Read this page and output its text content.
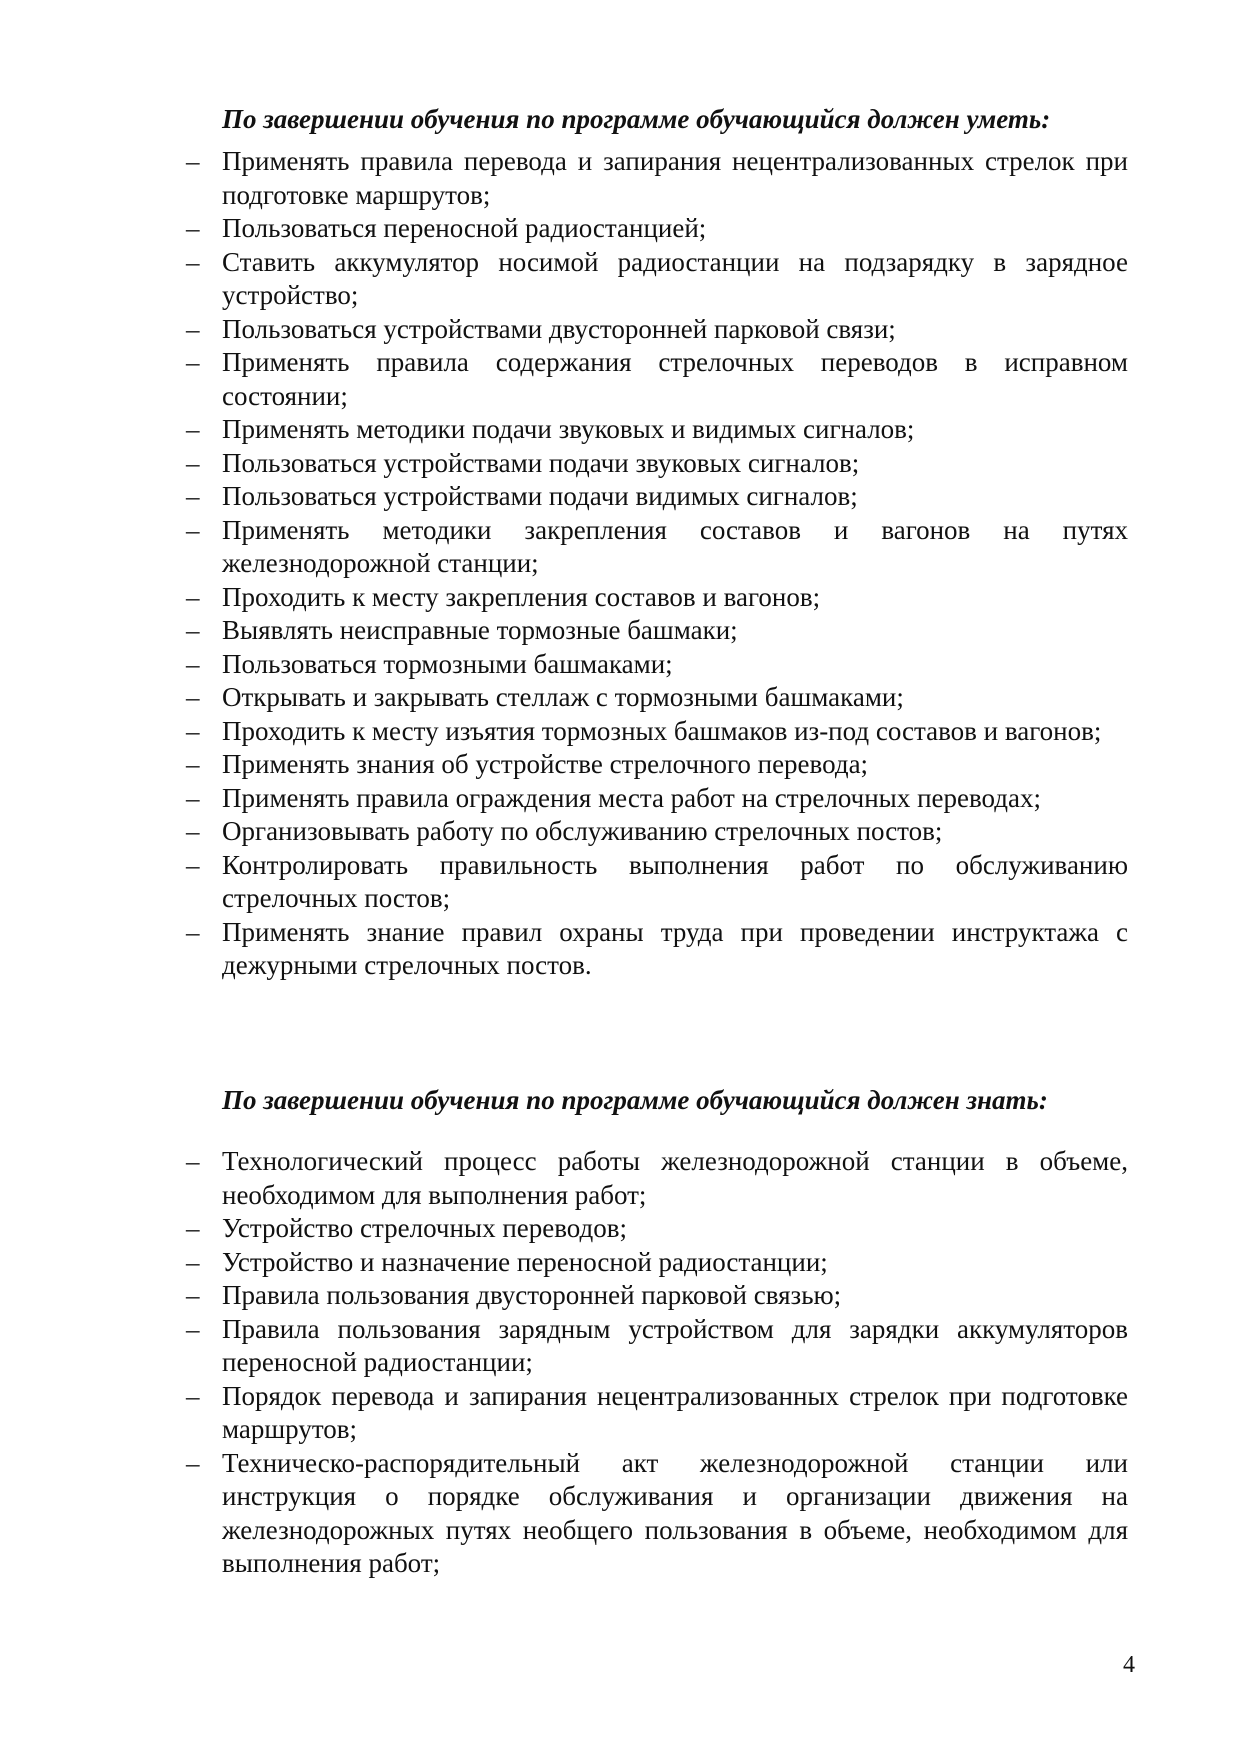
По завершении обучения по программе обучающийся должен уметь:
– Применять правила перевода и запирания нецентрализованных стрелок при подготовке маршрутов;
– Пользоваться переносной радиостанцией;
– Ставить аккумулятор носимой радиостанции на подзарядку в зарядное устройство;
– Пользоваться устройствами двусторонней парковой связи;
– Применять правила содержания стрелочных переводов в исправном состоянии;
– Применять методики подачи звуковых и видимых сигналов;
– Пользоваться устройствами подачи звуковых сигналов;
– Пользоваться устройствами подачи видимых сигналов;
– Применять методики закрепления составов и вагонов на путях железнодорожной станции;
– Проходить к месту закрепления составов и вагонов;
– Выявлять неисправные тормозные башмаки;
– Пользоваться тормозными башмаками;
– Открывать и закрывать стеллаж с тормозными башмаками;
– Проходить к месту изъятия тормозных башмаков из-под составов и вагонов;
– Применять знания об устройстве стрелочного перевода;
– Применять правила ограждения места работ на стрелочных переводах;
– Организовывать работу по обслуживанию стрелочных постов;
– Контролировать правильность выполнения работ по обслуживанию стрелочных постов;
– Применять знание правил охраны труда при проведении инструктажа с дежурными стрелочных постов.
По завершении обучения по программе обучающийся должен знать:
– Технологический процесс работы железнодорожной станции в объеме, необходимом для выполнения работ;
– Устройство стрелочных переводов;
– Устройство и назначение переносной радиостанции;
– Правила пользования двусторонней парковой связью;
– Правила пользования зарядным устройством для зарядки аккумуляторов переносной радиостанции;
– Порядок перевода и запирания нецентрализованных стрелок при подготовке маршрутов;
– Техническо-распорядительный акт железнодорожной станции или инструкция о порядке обслуживания и организации движения на железнодорожных путях необщего пользования в объеме, необходимом для выполнения работ;
4
